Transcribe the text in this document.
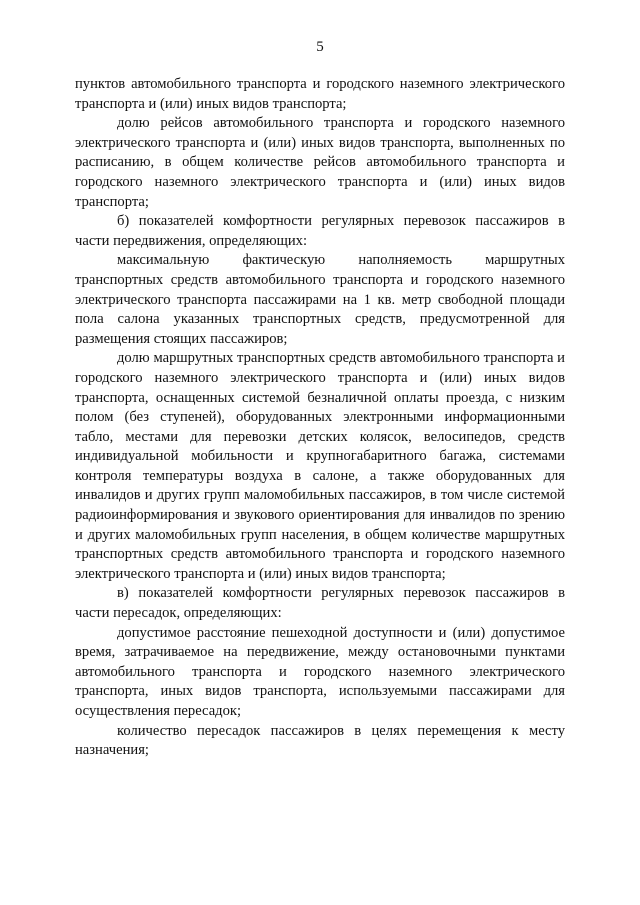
5

пунктов автомобильного транспорта и городского наземного электрического транспорта и (или) иных видов транспорта;

долю рейсов автомобильного транспорта и городского наземного электрического транспорта и (или) иных видов транспорта, выполненных по расписанию, в общем количестве рейсов автомобильного транспорта и городского наземного электрического транспорта и (или) иных видов транспорта;

б) показателей комфортности регулярных перевозок пассажиров в части передвижения, определяющих:

максимальную фактическую наполняемость маршрутных транспортных средств автомобильного транспорта и городского наземного электрического транспорта пассажирами на 1 кв. метр свободной площади пола салона указанных транспортных средств, предусмотренной для размещения стоящих пассажиров;

долю маршрутных транспортных средств автомобильного транспорта и городского наземного электрического транспорта и (или) иных видов транспорта, оснащенных системой безналичной оплаты проезда, с низким полом (без ступеней), оборудованных электронными информационными табло, местами для перевозки детских колясок, велосипедов, средств индивидуальной мобильности и крупногабаритного багажа, системами контроля температуры воздуха в салоне, а также оборудованных для инвалидов и других групп маломобильных пассажиров, в том числе системой радиоинформирования и звукового ориентирования для инвалидов по зрению и других маломобильных групп населения, в общем количестве маршрутных транспортных средств автомобильного транспорта и городского наземного электрического транспорта и (или) иных видов транспорта;

в) показателей комфортности регулярных перевозок пассажиров в части пересадок, определяющих:

допустимое расстояние пешеходной доступности и (или) допустимое время, затрачиваемое на передвижение, между остановочными пунктами автомобильного транспорта и городского наземного электрического транспорта, иных видов транспорта, используемыми пассажирами для осуществления пересадок;

количество пересадок пассажиров в целях перемещения к месту назначения;
